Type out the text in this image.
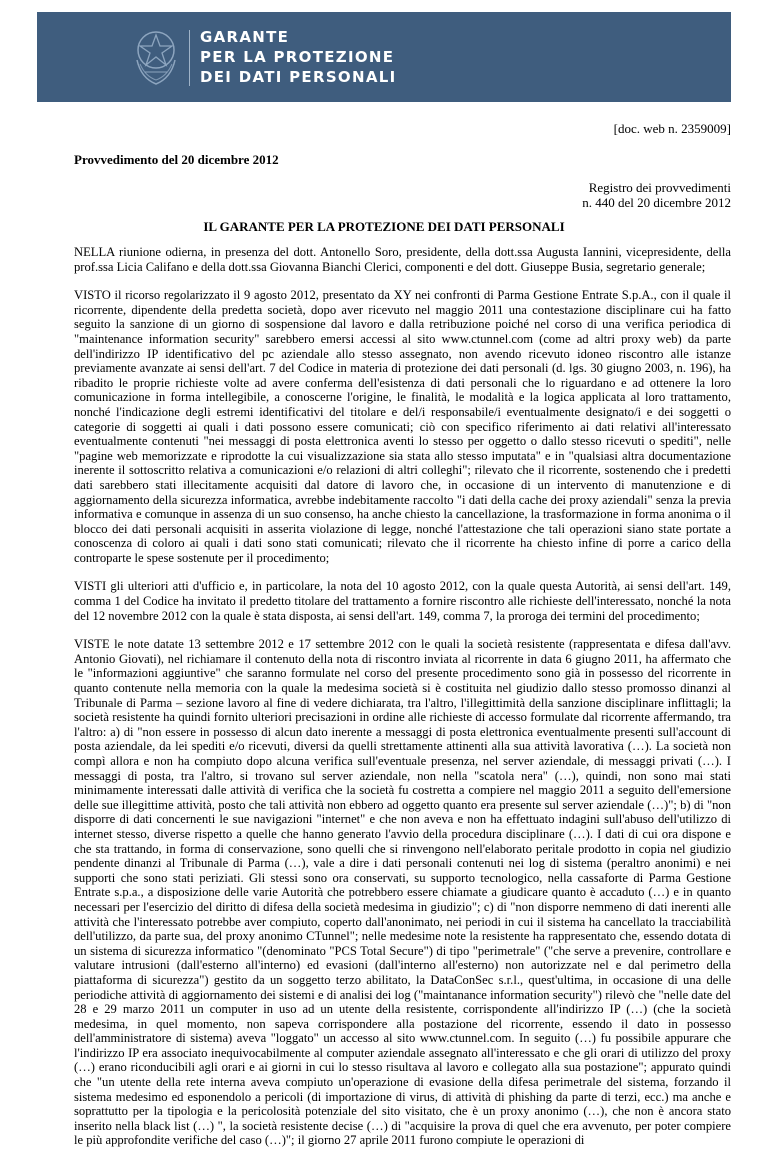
GARANTE
PER LA PROTEZIONE
DEI DATI PERSONALI
[doc. web n. 2359009]
Provvedimento del 20 dicembre 2012
Registro dei provvedimenti
n. 440 del 20 dicembre 2012
IL GARANTE PER LA PROTEZIONE DEI DATI PERSONALI

NELLA riunione odierna, in presenza del dott. Antonello Soro, presidente, della dott.ssa Augusta Iannini, vicepresidente, della prof.ssa Licia Califano e della dott.ssa Giovanna Bianchi Clerici, componenti e del dott. Giuseppe Busia, segretario generale;

VISTO il ricorso regolarizzato il 9 agosto 2012, presentato da XY nei confronti di Parma Gestione Entrate S.p.A., con il quale il ricorrente, dipendente della predetta società, dopo aver ricevuto nel maggio 2011 una contestazione disciplinare cui ha fatto seguito la sanzione di un giorno di sospensione dal lavoro e dalla retribuzione poiché nel corso di una verifica periodica di "maintenance information security" sarebbero emersi accessi al sito www.ctunnel.com (come ad altri proxy web) da parte dell'indirizzo IP identificativo del pc aziendale allo stesso assegnato, non avendo ricevuto idoneo riscontro alle istanze previamente avanzate ai sensi dell'art. 7 del Codice in materia di protezione dei dati personali (d. lgs. 30 giugno 2003, n. 196), ha ribadito le proprie richieste volte ad avere conferma dell'esistenza di dati personali che lo riguardano e ad ottenere la loro comunicazione in forma intellegibile, a conoscerne l'origine, le finalità, le modalità e la logica applicata al loro trattamento, nonché l'indicazione degli estremi identificativi del titolare e del/i responsabile/i eventualmente designato/i e dei soggetti o categorie di soggetti ai quali i dati possono essere comunicati; ciò con specifico riferimento ai dati relativi all'interessato eventualmente contenuti "nei messaggi di posta elettronica aventi lo stesso per oggetto o dallo stesso ricevuti o spediti", nelle "pagine web memorizzate e riprodotte la cui visualizzazione sia stata allo stesso imputata" e in "qualsiasi altra documentazione inerente il sottoscritto relativa a comunicazioni e/o relazioni di altri colleghi"; rilevato che il ricorrente, sostenendo che i predetti dati sarebbero stati illecitamente acquisiti dal datore di lavoro che, in occasione di un intervento di manutenzione e di aggiornamento della sicurezza informatica, avrebbe indebitamente raccolto "i dati della cache dei proxy aziendali" senza la previa informativa e comunque in assenza di un suo consenso, ha anche chiesto la cancellazione, la trasformazione in forma anonima o il blocco dei dati personali acquisiti in asserita violazione di legge, nonché l'attestazione che tali operazioni siano state portate a conoscenza di coloro ai quali i dati sono stati comunicati; rilevato che il ricorrente ha chiesto infine di porre a carico della controparte le spese sostenute per il procedimento;

VISTI gli ulteriori atti d'ufficio e, in particolare, la nota del 10 agosto 2012, con la quale questa Autorità, ai sensi dell'art. 149, comma 1 del Codice ha invitato il predetto titolare del trattamento a fornire riscontro alle richieste dell'interessato, nonché la nota del 12 novembre 2012 con la quale è stata disposta, ai sensi dell'art. 149, comma 7, la proroga dei termini del procedimento;

VISTE le note datate 13 settembre 2012 e 17 settembre 2012 con le quali la società resistente (rappresentata e difesa dall'avv. Antonio Giovati), nel richiamare il contenuto della nota di riscontro inviata al ricorrente in data 6 giugno 2011, ha affermato che le "informazioni aggiuntive" che saranno formulate nel corso del presente procedimento sono già in possesso del ricorrente in quanto contenute nella memoria con la quale la medesima società si è costituita nel giudizio dallo stesso promosso dinanzi al Tribunale di Parma – sezione lavoro al fine di vedere dichiarata, tra l'altro, l'illegittimità della sanzione disciplinare inflittagli; la società resistente ha quindi fornito ulteriori precisazioni in ordine alle richieste di accesso formulate dal ricorrente affermando, tra l'altro: a) di "non essere in possesso di alcun dato inerente a messaggi di posta elettronica eventualmente presenti sull'account di posta aziendale, da lei spediti e/o ricevuti, diversi da quelli strettamente attinenti alla sua attività lavorativa (…). La società non compì allora e non ha compiuto dopo alcuna verifica sull'eventuale presenza, nel server aziendale, di messaggi privati (…). I messaggi di posta, tra l'altro, si trovano sul server aziendale, non nella "scatola nera" (…), quindi, non sono mai stati minimamente interessati dalle attività di verifica che la società fu costretta a compiere nel maggio 2011 a seguito dell'emersione delle sue illegittime attività, posto che tali attività non ebbero ad oggetto quanto era presente sul server aziendale (…)"; b) di "non disporre di dati concernenti le sue navigazioni "internet" e che non aveva e non ha effettuato indagini sull'abuso dell'utilizzo di internet stesso, diverse rispetto a quelle che hanno generato l'avvio della procedura disciplinare (…). I dati di cui ora dispone e che sta trattando, in forma di conservazione, sono quelli che si rinvengono nell'elaborato peritale prodotto in copia nel giudizio pendente dinanzi al Tribunale di Parma (…), vale a dire i dati personali contenuti nei log di sistema (peraltro anonimi) e nei supporti che sono stati periziati. Gli stessi sono ora conservati, su supporto tecnologico, nella cassaforte di Parma Gestione Entrate s.p.a., a disposizione delle varie Autorità che potrebbero essere chiamate a giudicare quanto è accaduto (…) e in quanto necessari per l'esercizio del diritto di difesa della società medesima in giudizio"; c) di "non disporre nemmeno di dati inerenti alle attività che l'interessato potrebbe aver compiuto, coperto dall'anonimato, nei periodi in cui il sistema ha cancellato la tracciabilità dell'utilizzo, da parte sua, del proxy anonimo CTunnel"; nelle medesime note la resistente ha rappresentato che, essendo dotata di un sistema di sicurezza informatico "(denominato "PCS Total Secure") di tipo "perimetrale" ("che serve a prevenire, controllare e valutare intrusioni (dall'esterno all'interno) ed evasioni (dall'interno all'esterno) non autorizzate nel e dal perimetro della piattaforma di sicurezza") gestito da un soggetto terzo abilitato, la DataConSec s.r.l., quest'ultima, in occasione di una delle periodiche attività di aggiornamento dei sistemi e di analisi dei log ("maintanance information security") rilevò che "nelle date del 28 e 29 marzo 2011 un computer in uso ad un utente della resistente, corrispondente all'indirizzo IP (…) (che la società medesima, in quel momento, non sapeva corrispondere alla postazione del ricorrente, essendo il dato in possesso dell'amministratore di sistema) aveva "loggato" un accesso al sito www.ctunnel.com. In seguito (…) fu possibile appurare che l'indirizzo IP era associato inequivocabilmente al computer aziendale assegnato all'interessato e che gli orari di utilizzo del proxy (…) erano riconducibili agli orari e ai giorni in cui lo stesso risultava al lavoro e collegato alla sua postazione"; appurato quindi che "un utente della rete interna aveva compiuto un'operazione di evasione della difesa perimetrale del sistema, forzando il sistema medesimo ed esponendolo a pericoli (di importazione di virus, di attività di phishing da parte di terzi, ecc.) ma anche e soprattutto per la tipologia e la pericolosità potenziale del sito visitato, che è un proxy anonimo (…), che non è ancora stato inserito nella black list (…) ", la società resistente decise (…) di "acquisire la prova di quel che era avvenuto, per poter compiere le più approfondite verifiche del caso (…)"; il giorno 27 aprile 2011 furono compiute le operazioni di
